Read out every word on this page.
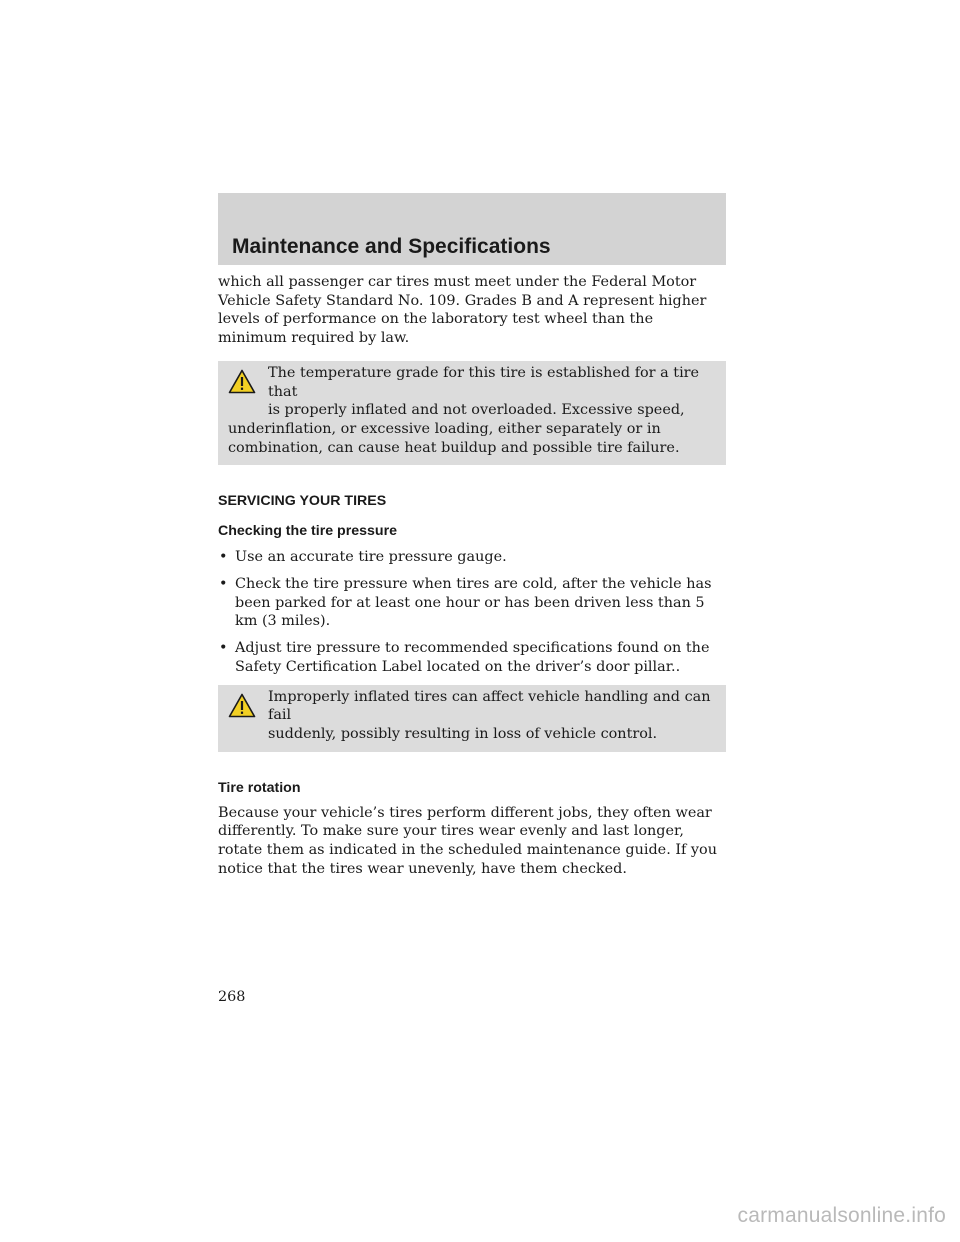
Maintenance and Specifications

which all passenger car tires must meet under the Federal Motor Vehicle Safety Standard No. 109. Grades B and A represent higher levels of performance on the laboratory test wheel than the minimum required by law.

The temperature grade for this tire is established for a tire that
is properly inflated and not overloaded. Excessive speed,
underinflation, or excessive loading, either separately or in combination, can cause heat buildup and possible tire failure.
SERVICING YOUR TIRES
Checking the tire pressure
• Use an accurate tire pressure gauge.
• Check the tire pressure when tires are cold, after the vehicle has been parked for at least one hour or has been driven less than 5 km (3 miles).
• Adjust tire pressure to recommended specifications found on the Safety Certification Label located on the driver’s door pillar..
Improperly inflated tires can affect vehicle handling and can fail
suddenly, possibly resulting in loss of vehicle control.
Tire rotation

Because your vehicle’s tires perform different jobs, they often wear differently. To make sure your tires wear evenly and last longer, rotate them as indicated in the scheduled maintenance guide. If you notice that the tires wear unevenly, have them checked.

268
carmanualsonline.info
